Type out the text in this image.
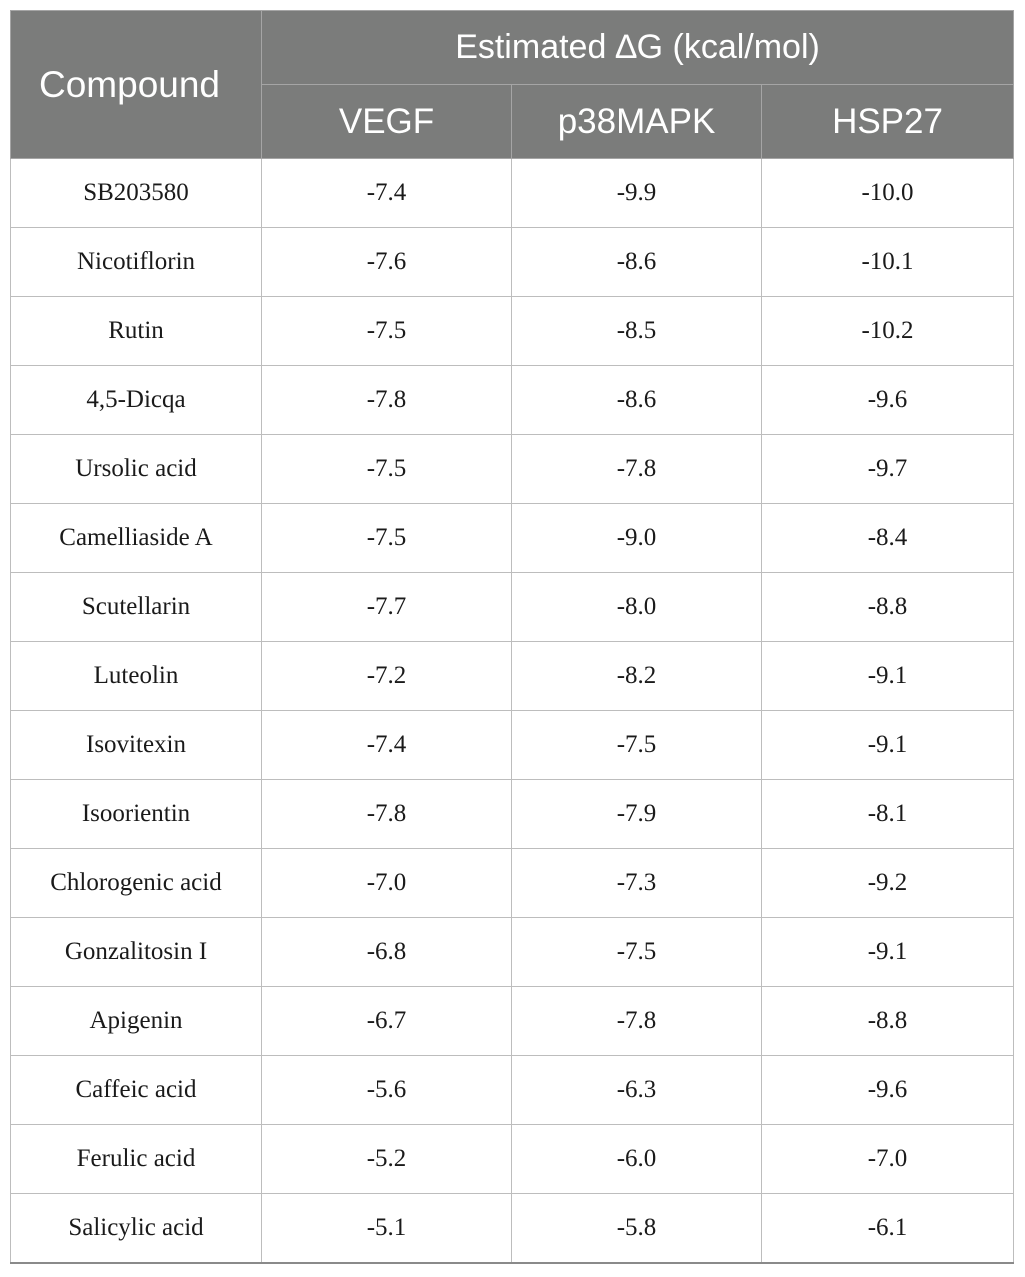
Compound	Estimated ∆G (kcal/mol)		
	VEGF	p38MAPK	HSP27
SB203580	-7.4	-9.9	-10.0
Nicotiflorin	-7.6	-8.6	-10.1
Rutin	-7.5	-8.5	-10.2
4,5-Dicqa	-7.8	-8.6	-9.6
Ursolic acid	-7.5	-7.8	-9.7
Camelliaside A	-7.5	-9.0	-8.4
Scutellarin	-7.7	-8.0	-8.8
Luteolin	-7.2	-8.2	-9.1
Isovitexin	-7.4	-7.5	-9.1
Isoorientin	-7.8	-7.9	-8.1
Chlorogenic acid	-7.0	-7.3	-9.2
Gonzalitosin I	-6.8	-7.5	-9.1
Apigenin	-6.7	-7.8	-8.8
Caffeic acid	-5.6	-6.3	-9.6
Ferulic acid	-5.2	-6.0	-7.0
Salicylic acid	-5.1	-5.8	-6.1
